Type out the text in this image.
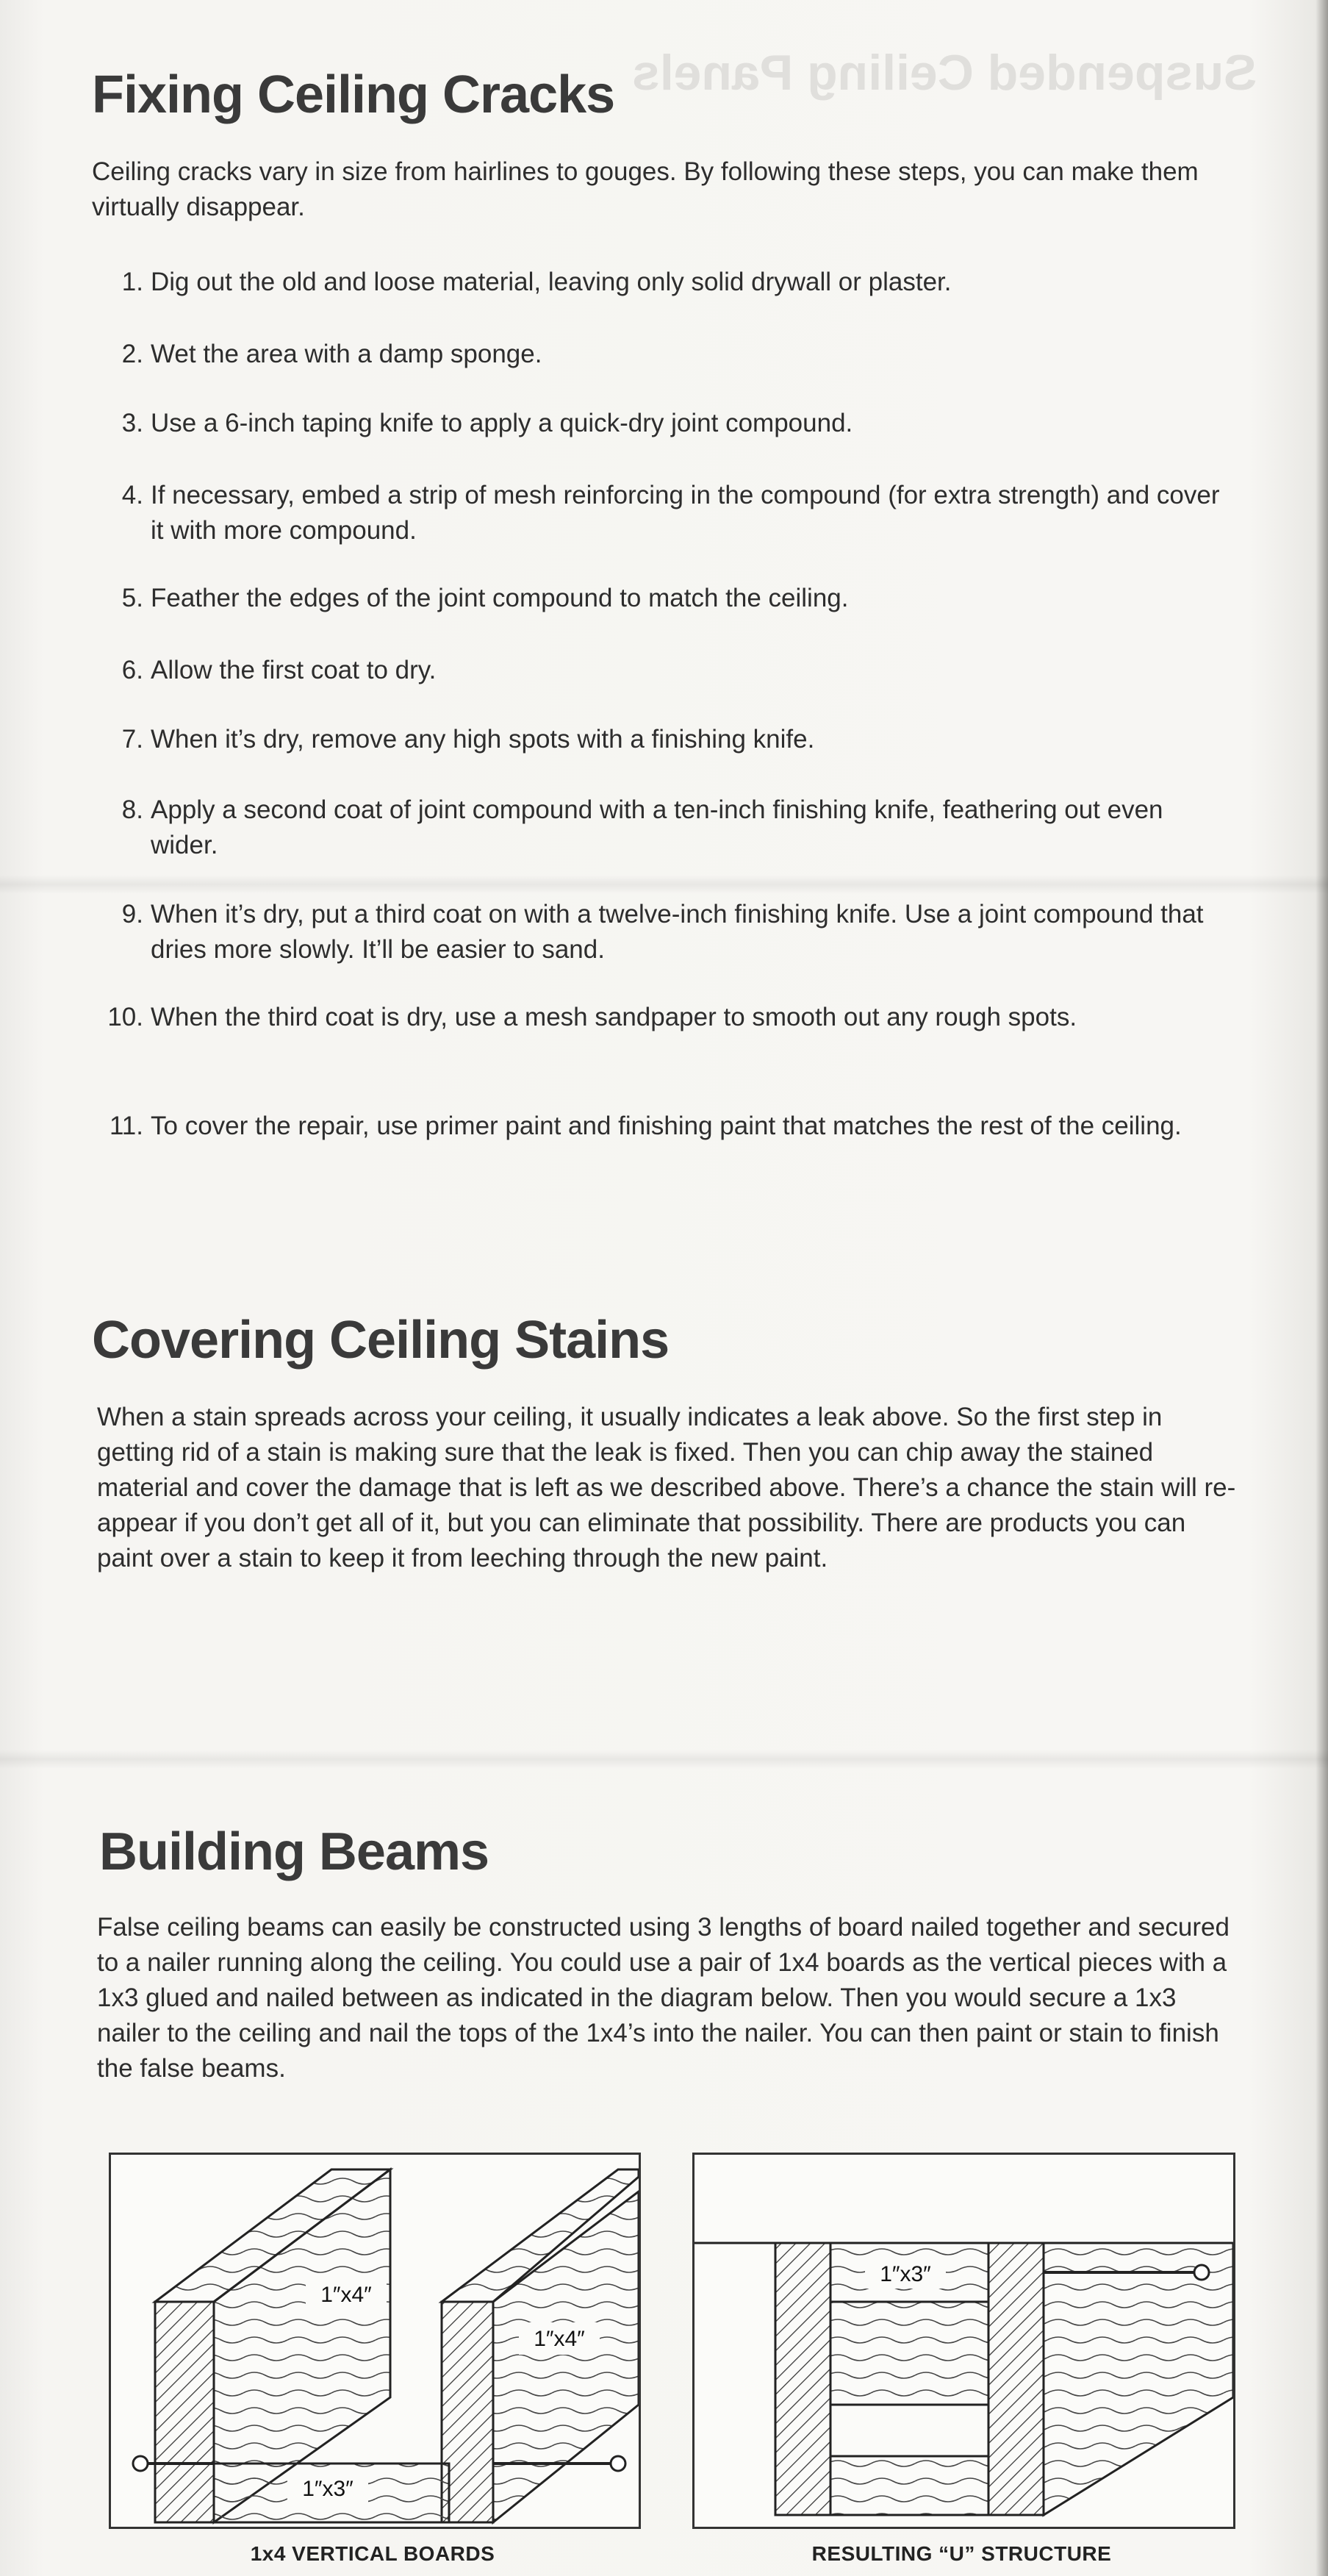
Suspended Ceiling Panels
Fixing Ceiling Cracks

Ceiling cracks vary in size from hairlines to gouges. By following these steps, you can make them virtually disappear.

1. Dig out the old and loose material, leaving only solid drywall or plaster.
2. Wet the area with a damp sponge.
3. Use a 6-inch taping knife to apply a quick-dry joint compound.
4. If necessary, embed a strip of mesh reinforcing in the compound (for extra strength) and cover it with more compound.
5. Feather the edges of the joint compound to match the ceiling.
6. Allow the first coat to dry.
7. When it’s dry, remove any high spots with a finishing knife.
8. Apply a second coat of joint compound with a ten-inch finishing knife, feathering out even wider.
9. When it’s dry, put a third coat on with a twelve-inch finishing knife. Use a joint compound that dries more slowly. It’ll be easier to sand.
10. When the third coat is dry, use a mesh sandpaper to smooth out any rough spots.
11. To cover the repair, use primer paint and finishing paint that matches the rest of the ceiling.
Covering Ceiling Stains

When a stain spreads across your ceiling, it usually indicates a leak above. So the first step in getting rid of a stain is making sure that the leak is fixed. Then you can chip away the stained material and cover the damage that is left as we described above. There’s a chance the stain will re-appear if you don’t get all of it, but you can eliminate that possibility. There are products you can paint over a stain to keep it from leeching through the new paint.

Building Beams

False ceiling beams can easily be constructed using 3 lengths of board nailed together and secured to a nailer running along the ceiling. You could use a pair of 1x4 boards as the vertical pieces with a 1x3 glued and nailed between as indicated in the diagram below. Then you would secure a 1x3 nailer to the ceiling and nail the tops of the 1x4’s into the nailer. You can then paint or stain to finish the false beams.

1″x4″
1″x4″
1″x3″
1x4 VERTICAL BOARDS
1″x3″
RESULTING “U” STRUCTURE
